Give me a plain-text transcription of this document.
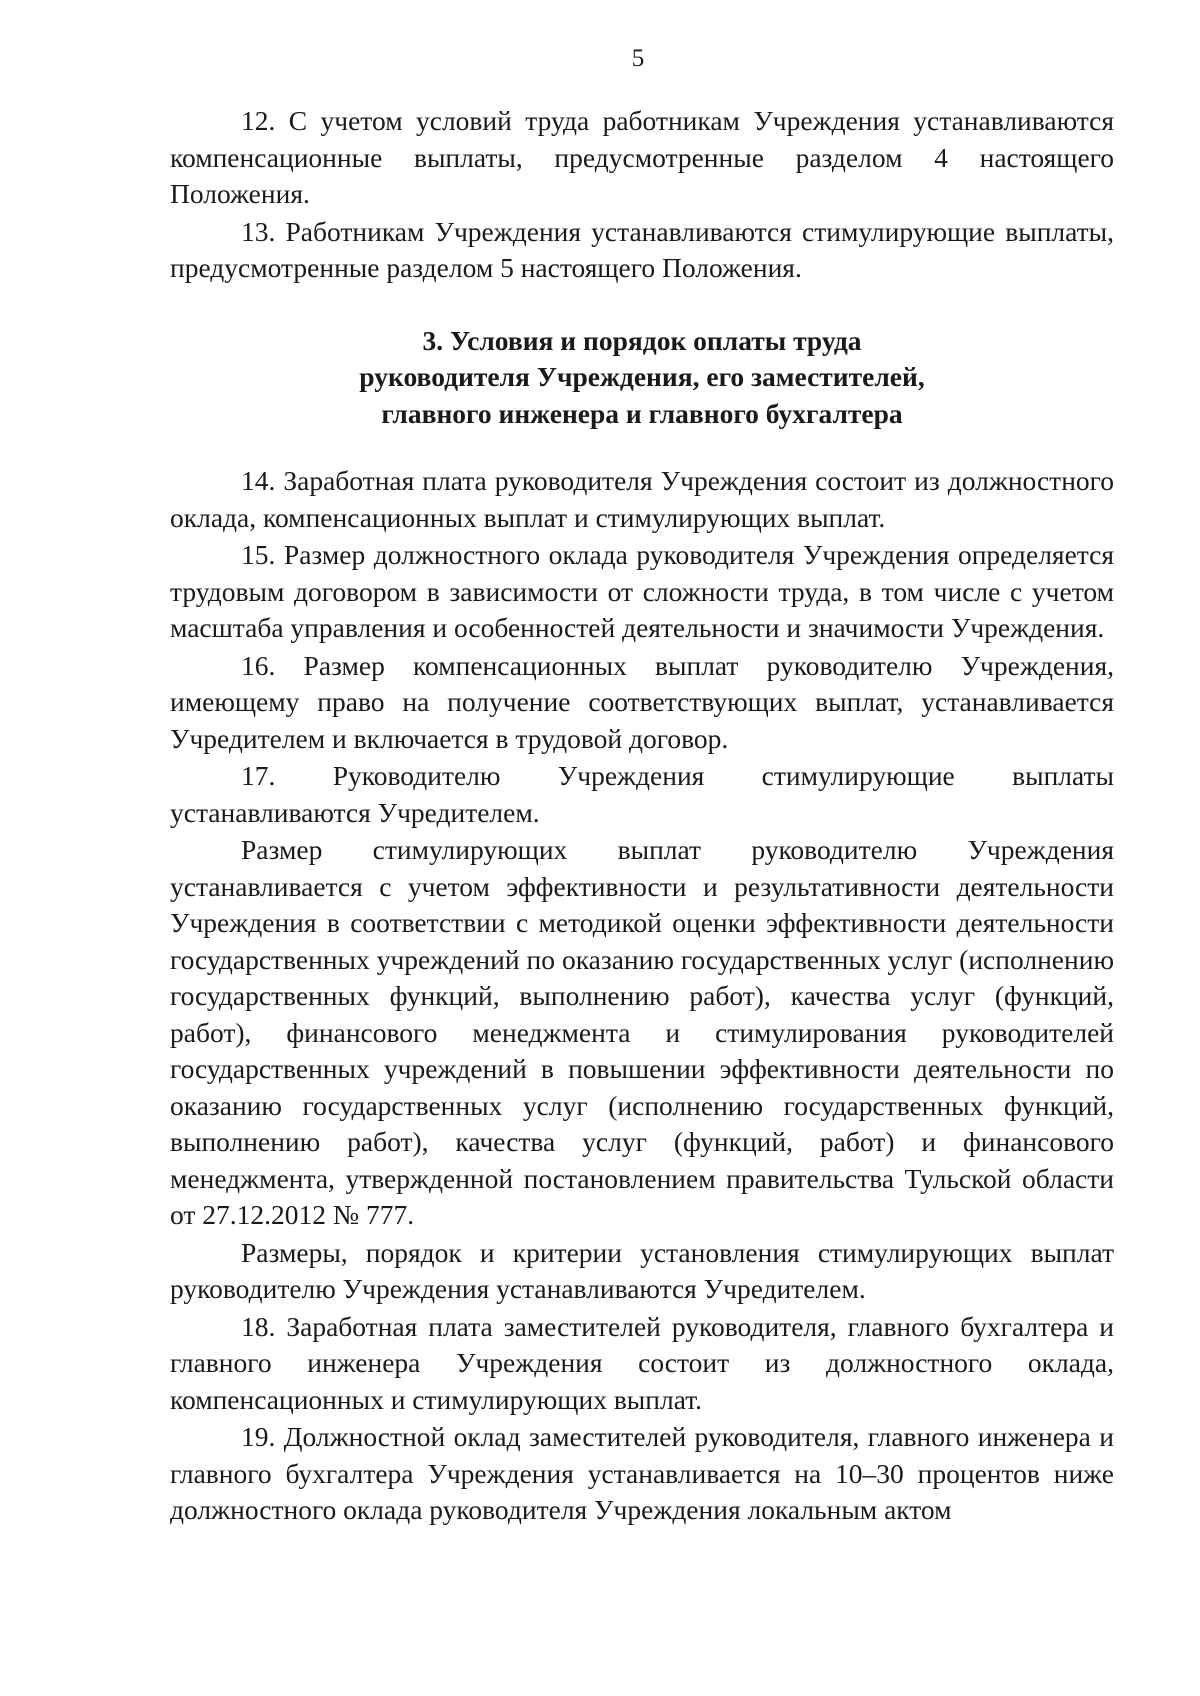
5

12. С учетом условий труда работникам Учреждения устанавливаются компенсационные выплаты, предусмотренные разделом 4 настоящего Положения.

13. Работникам Учреждения устанавливаются стимулирующие выплаты, предусмотренные разделом 5 настоящего Положения.

3. Условия и порядок оплаты труда
руководителя Учреждения, его заместителей,
главного инженера и главного бухгалтера

14. Заработная плата руководителя Учреждения состоит из должностного оклада, компенсационных выплат и стимулирующих выплат.

15. Размер должностного оклада руководителя Учреждения определяется трудовым договором в зависимости от сложности труда, в том числе с учетом масштаба управления и особенностей деятельности и значимости Учреждения.

16. Размер компенсационных выплат руководителю Учреждения, имеющему право на получение соответствующих выплат, устанавливается Учредителем и включается в трудовой договор.

17. Руководителю Учреждения стимулирующие выплаты устанавливаются Учредителем.

Размер стимулирующих выплат руководителю Учреждения устанавливается с учетом эффективности и результативности деятельности Учреждения в соответствии с методикой оценки эффективности деятельности государственных учреждений по оказанию государственных услуг (исполнению государственных функций, выполнению работ), качества услуг (функций, работ), финансового менеджмента и стимулирования руководителей государственных учреждений в повышении эффективности деятельности по оказанию государственных услуг (исполнению государственных функций, выполнению работ), качества услуг (функций, работ) и финансового менеджмента, утвержденной постановлением правительства Тульской области от 27.12.2012 № 777.

Размеры, порядок и критерии установления стимулирующих выплат руководителю Учреждения устанавливаются Учредителем.

18. Заработная плата заместителей руководителя, главного бухгалтера и главного инженера Учреждения состоит из должностного оклада, компенсационных и стимулирующих выплат.

19. Должностной оклад заместителей руководителя, главного инженера и главного бухгалтера Учреждения устанавливается на 10–30 процентов ниже должностного оклада руководителя Учреждения локальным актом
